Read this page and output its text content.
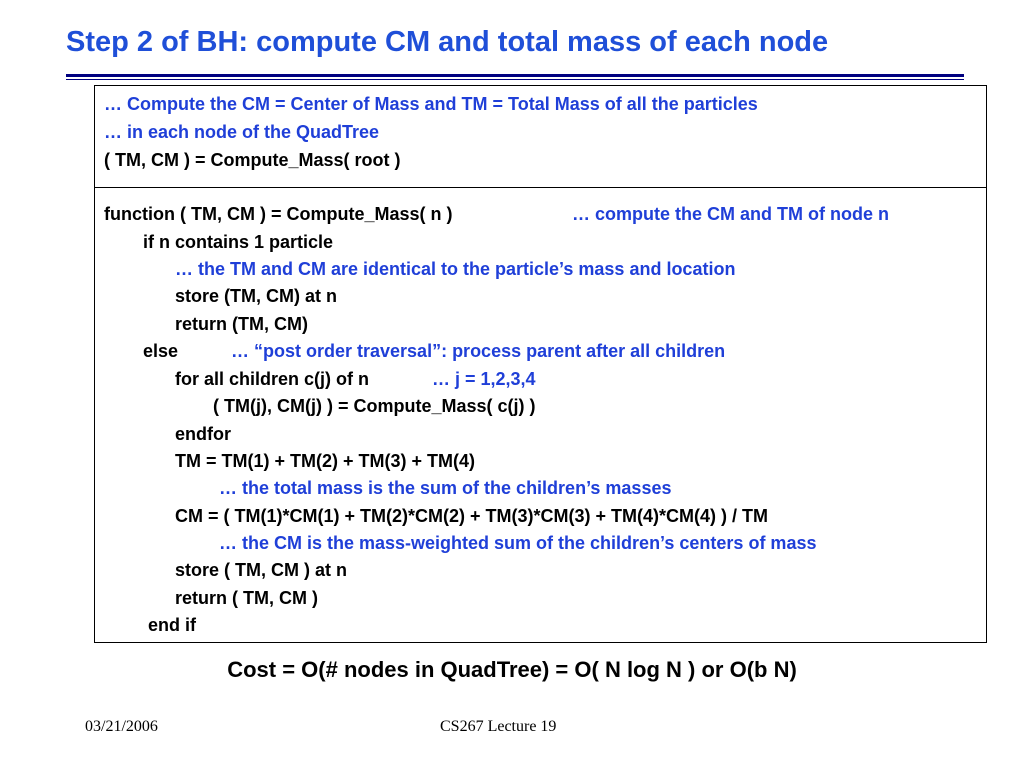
Step 2 of BH: compute CM and total mass of each node
… Compute the CM = Center of Mass and TM = Total Mass of all the particles
… in each node of the QuadTree
( TM, CM ) = Compute_Mass( root )
function ( TM, CM ) = Compute_Mass( n )	… compute the CM and TM of node n
if n contains 1 particle
… the TM and CM are identical to the particle’s mass and location
store (TM, CM) at n
return (TM, CM)
else	… “post order traversal”: process parent after all children
for all children c(j) of n	… j = 1,2,3,4
( TM(j), CM(j) ) = Compute_Mass( c(j) )
endfor
TM = TM(1) + TM(2) + TM(3) + TM(4)
… the total mass is the sum of the children’s masses
CM = ( TM(1)*CM(1) + TM(2)*CM(2) + TM(3)*CM(3) + TM(4)*CM(4) ) / TM
… the CM is the mass-weighted sum of the children’s centers of mass
store ( TM, CM ) at n
return ( TM, CM )
end if
Cost = O(# nodes in QuadTree) = O( N log N ) or O(b N)
03/21/2006	CS267 Lecture 19
